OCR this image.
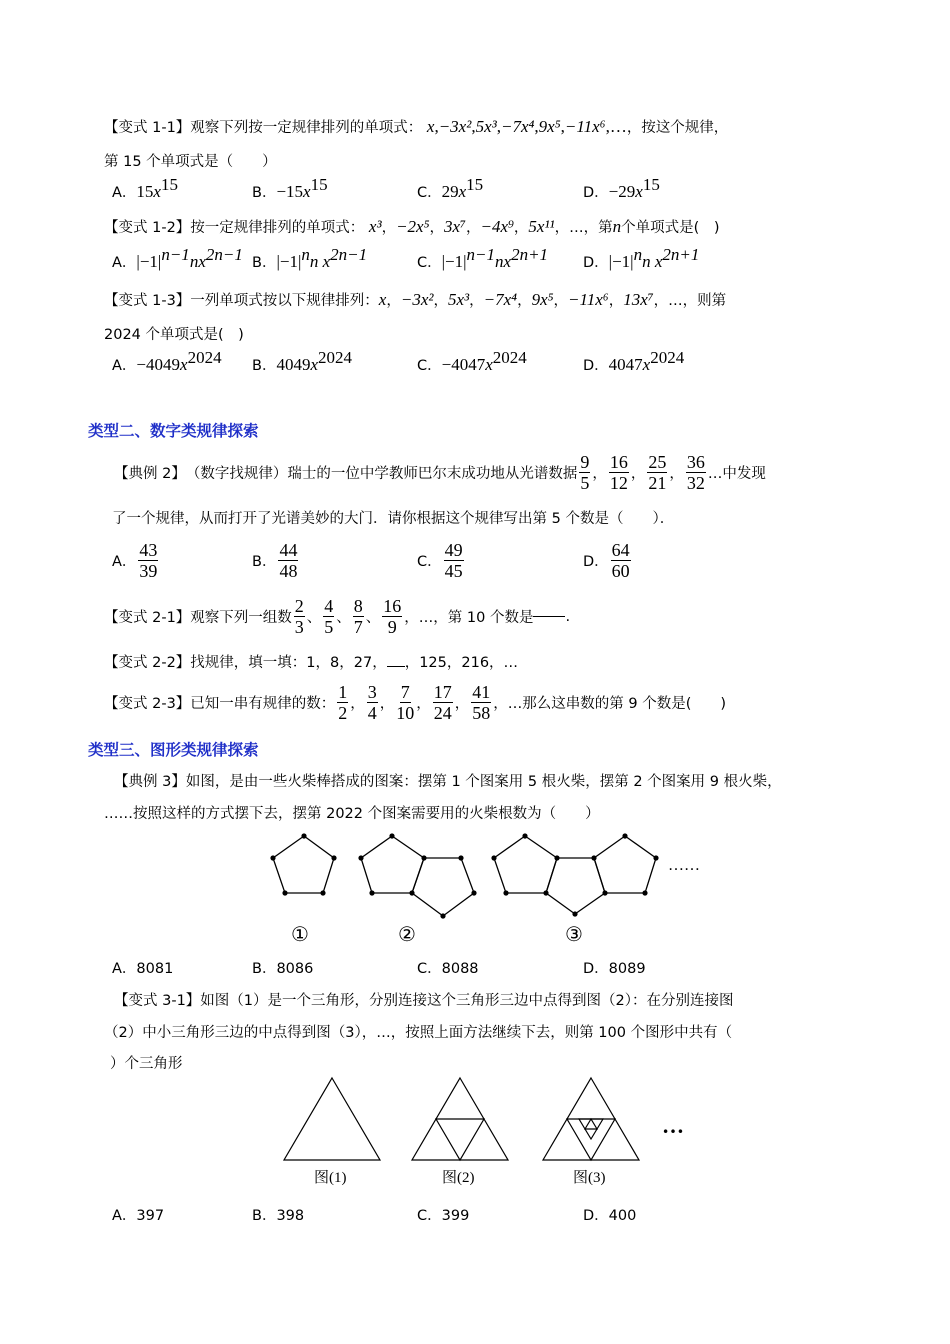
【变式 1-1】观察下列按一定规律排列的单项式： x,−3x²,5x³,−7x⁴,9x⁵,−11x⁶,…，按这个规律，
第 15 个单项式是（　　）
A．$15x^{15}$	B．$-15x^{15}$	C．$29x^{15}$	D．$-29x^{15}$
【变式 1-2】按一定规律排列的单项式： x³，−2x⁵，3x⁷，−4x⁹，5x¹¹，…，第n个单项式是(　)
A．$|-1|^{n-1}nx^{2n-1}$ B．$|-1|^nn$ $x^{2n-1}$	C．$|-1|^{n-1}nx^{2n+1}$ D．$|-1|^nn$ $x^{2n+1}$
【变式 1-3】一列单项式按以下规律排列：x，−3x²，5x³，−7x⁴，9x⁵，−11x⁶，13x⁷，…，则第
2024 个单项式是(　)
A．$-4049x^{2024}$ B．$4049x^{2024}$	C．$-4047x^{2024}$	D．$4047x^{2024}$
类型二、数字类规律探索
【典例 2】 （数字找规律）瑞士的一位中学教师巴尔末成功地从光谱数据 $\frac{9}{5}$ ， $\frac{16}{12}$ ， $\frac{25}{21}$ ， $\frac{36}{32}$ …中发现
了一个规律，从而打开了光谱美妙的大门．请你根据这个规律写出第 5 个数是（　　）．
A． $\frac{43}{39}$	B． $\frac{44}{48}$	C． $\frac{49}{45}$	D． $\frac{64}{60}$
【变式 2-1】 观察下列一组数 $\frac{2}{3}$ 、 $\frac{4}{5}$ 、 $\frac{8}{7}$ 、 $\frac{16}{9}$ ，…，第 10 个数是 .
【变式 2-2】找规律，填一填：1，8，27， ，125，216，…
【变式 2-3】 已知一串有规律的数： $\frac{1}{2}$ ， $\frac{3}{4}$ ， $\frac{7}{10}$ ， $\frac{17}{24}$ ， $\frac{41}{58}$ ，…那么这串数的第 9 个数是(　　)
类型三、图形类规律探索
【典例 3】如图，是由一些火柴棒搭成的图案：摆第 1 个图案用 5 根火柴，摆第 2 个图案用 9 根火柴，
……按照这样的方式摆下去，摆第 2022 个图案需要用的火柴根数为（　　）
……
①	②	③
A．8081	B．8086	C．8088	D．8089
【变式 3-1】如图（1）是一个三角形，分别连接这个三角形三边中点得到图（2）：在分别连接图
（2）中小三角形三边的中点得到图（3），…，按照上面方法继续下去，则第 100 个图形中共有（
）个三角形
…
图(1)	图(2)	图(3)
A．397	B．398	C．399	D．400
